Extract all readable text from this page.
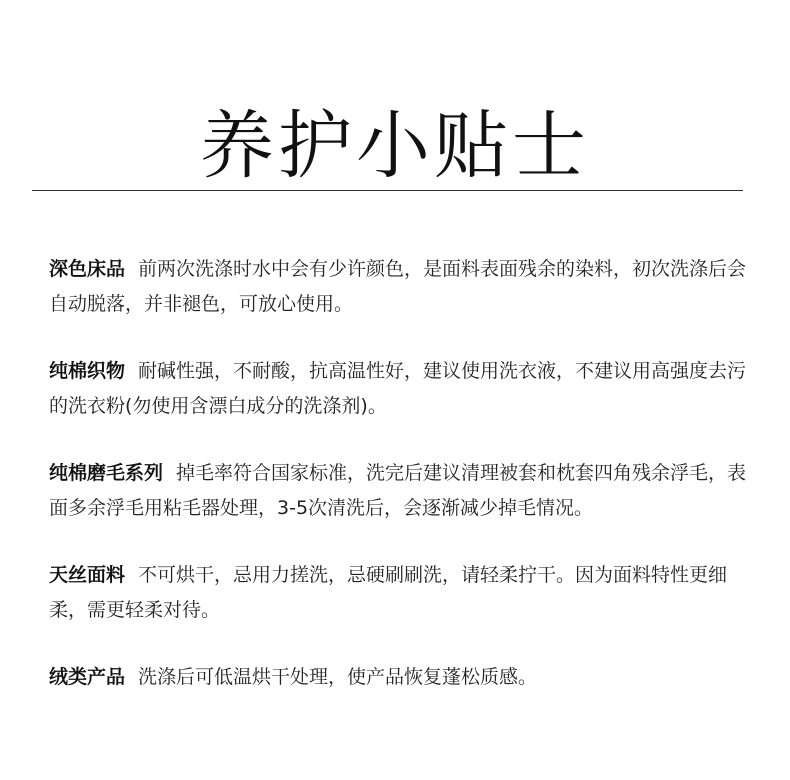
养护小贴士
深色床品 前两次洗涤时水中会有少许颜色，是面料表面残余的染料，初次洗涤后会自动脱落，并非褪色，可放心使用。
纯棉织物 耐碱性强，不耐酸，抗高温性好，建议使用洗衣液，不建议用高强度去污的洗衣粉(勿使用含漂白成分的洗涤剂)。
纯棉磨毛系列 掉毛率符合国家标准，洗完后建议清理被套和枕套四角残余浮毛，表面多余浮毛用粘毛器处理，3-5次清洗后，会逐渐减少掉毛情况。
天丝面料 不可烘干，忌用力搓洗，忌硬刷刷洗，请轻柔拧干。因为面料特性更细柔，需更轻柔对待。
绒类产品 洗涤后可低温烘干处理，使产品恢复蓬松质感。
